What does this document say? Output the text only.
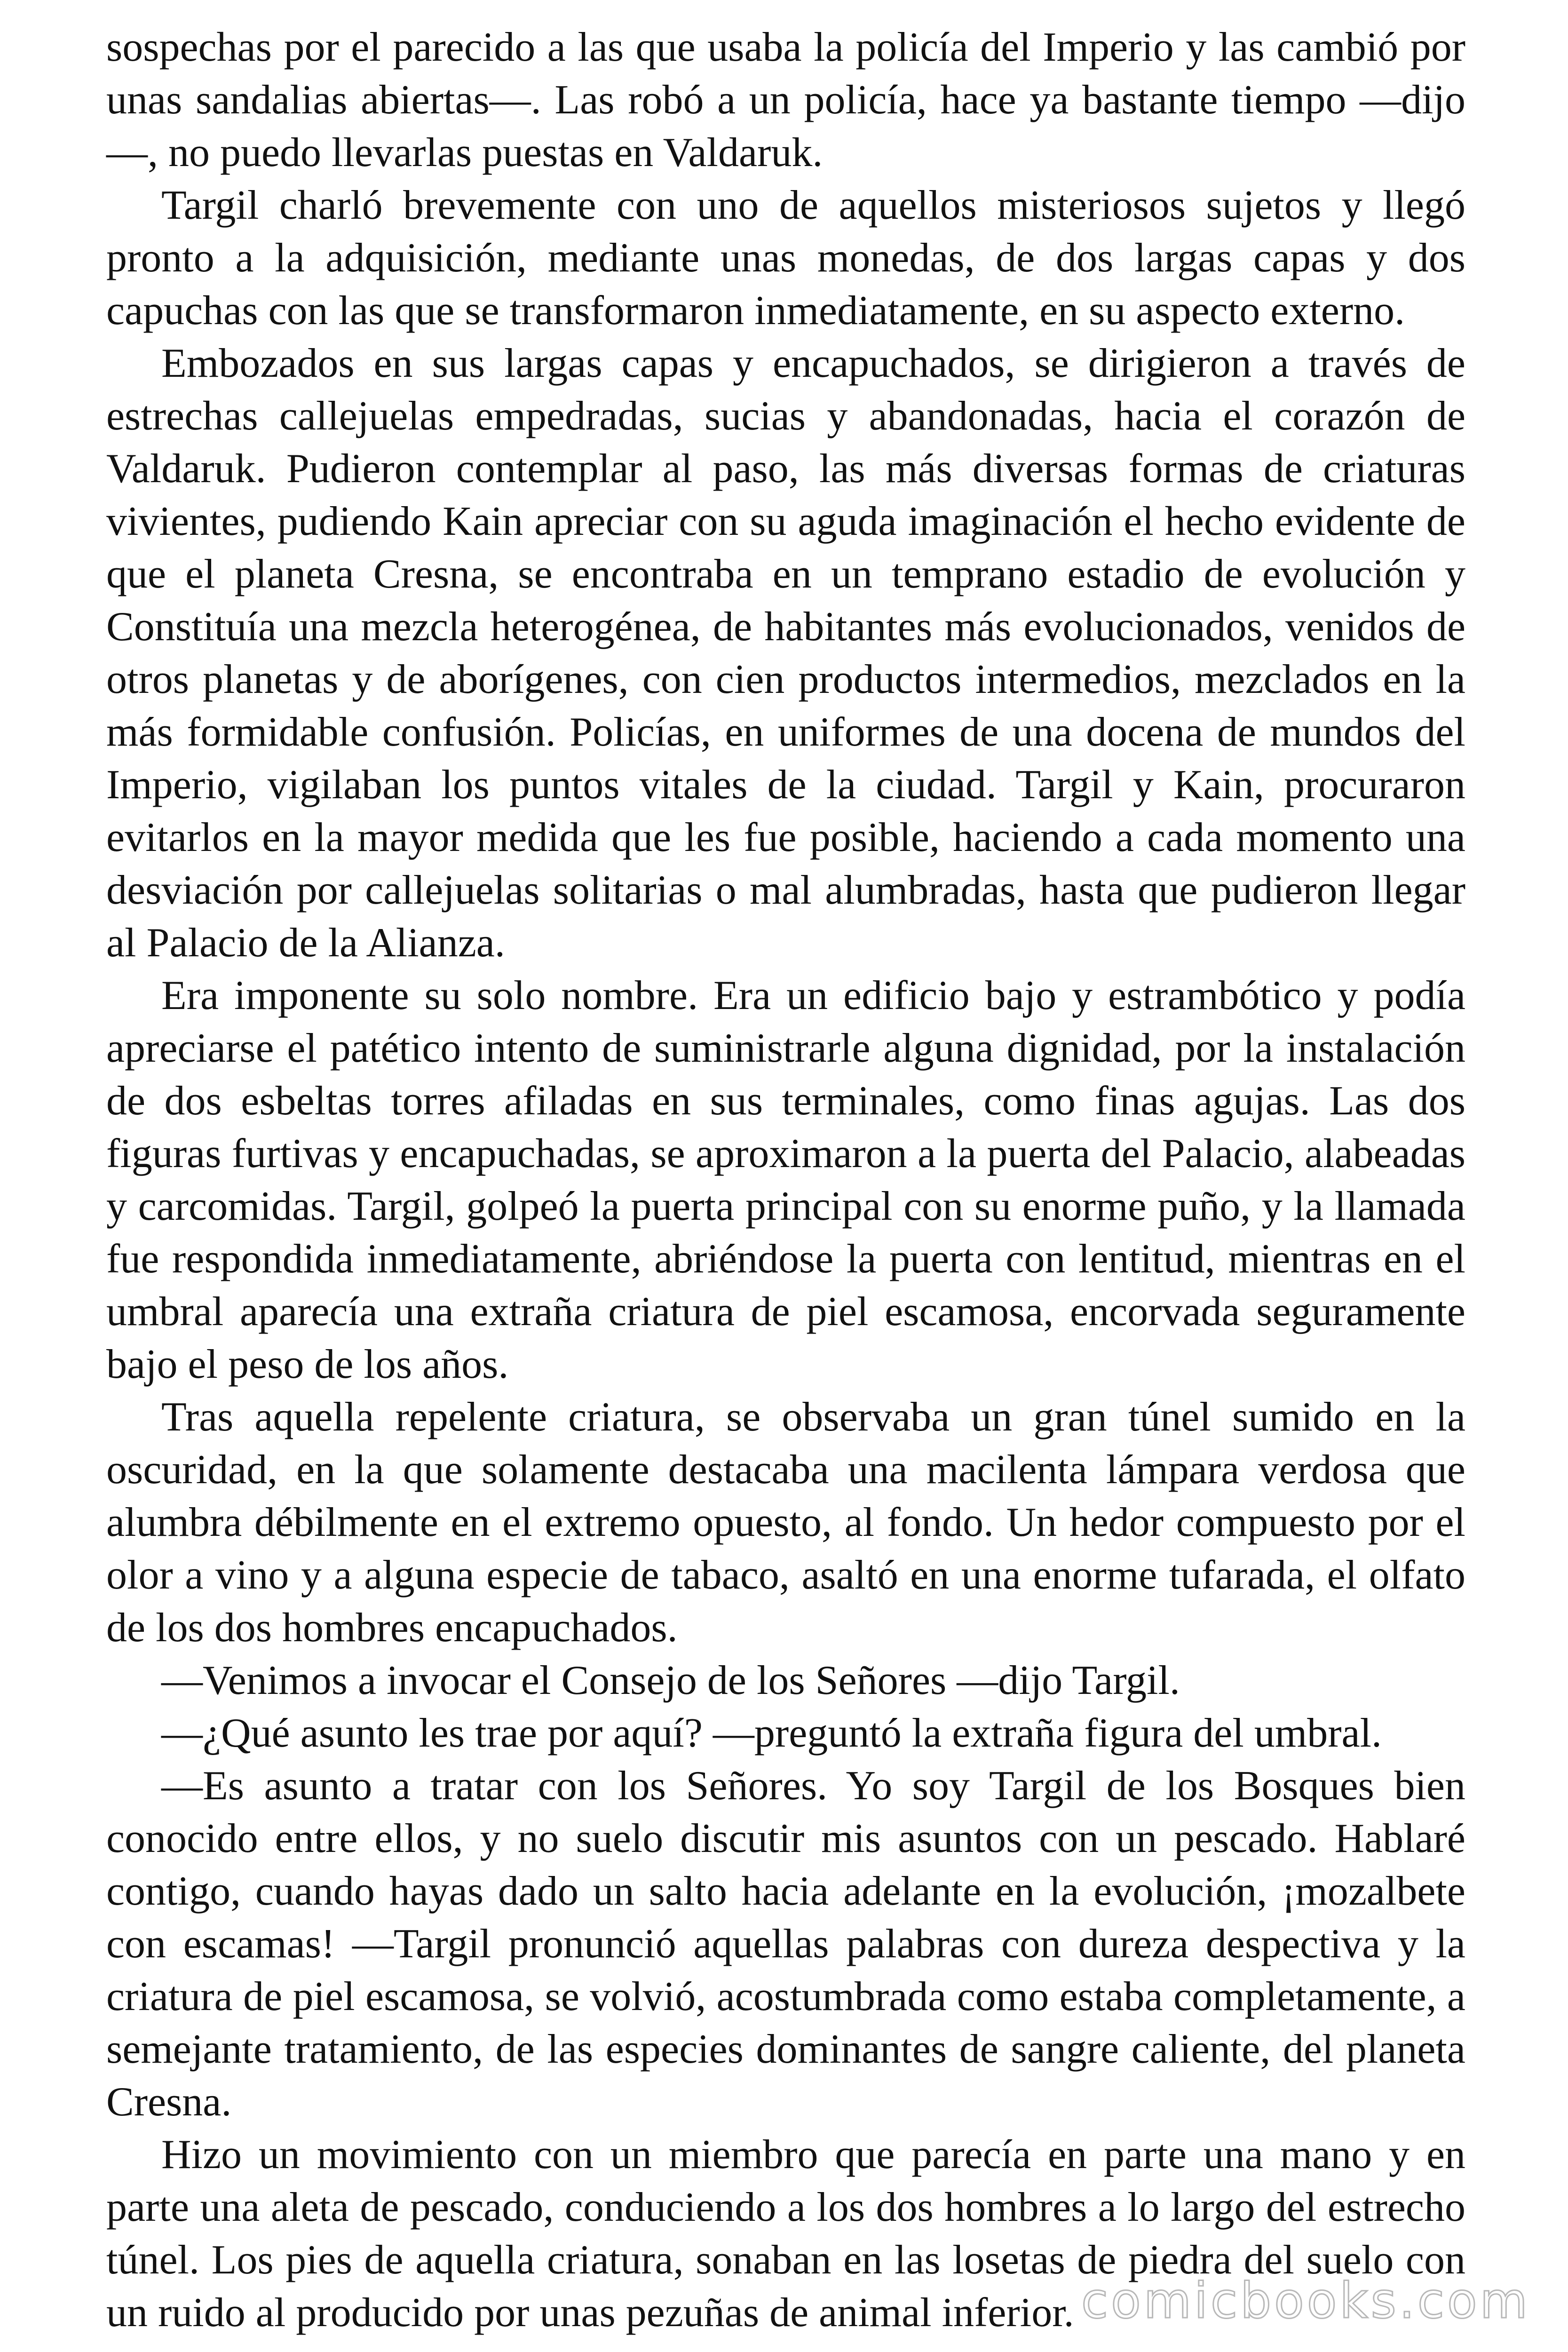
sospechas por el parecido a las que usaba la policía del Imperio y las cambió por unas sandalias abiertas—. Las robó a un policía, hace ya bastante tiempo —dijo—, no puedo llevarlas puestas en Valdaruk.

Targil charló brevemente con uno de aquellos misteriosos sujetos y llegó pronto a la adquisición, mediante unas monedas, de dos largas capas y dos capuchas con las que se transformaron inmediatamente, en su aspecto externo.

Embozados en sus largas capas y encapuchados, se dirigieron a través de estrechas callejuelas empedradas, sucias y abandonadas, hacia el corazón de Valdaruk. Pudieron contemplar al paso, las más diversas formas de criaturas vivientes, pudiendo Kain apreciar con su aguda imaginación el hecho evidente de que el planeta Cresna, se encontraba en un temprano estadio de evolución y Constituía una mezcla heterogénea, de habitantes más evolucionados, venidos de otros planetas y de aborígenes, con cien productos intermedios, mezclados en la más formidable confusión. Policías, en uniformes de una docena de mundos del Imperio, vigilaban los puntos vitales de la ciudad. Targil y Kain, procuraron evitarlos en la mayor medida que les fue posible, haciendo a cada momento una desviación por callejuelas solitarias o mal alumbradas, hasta que pudieron llegar al Palacio de la Alianza.

Era imponente su solo nombre. Era un edificio bajo y estrambótico y podía apreciarse el patético intento de suministrarle alguna dignidad, por la instalación de dos esbeltas torres afiladas en sus terminales, como finas agujas. Las dos figuras furtivas y encapuchadas, se aproximaron a la puerta del Palacio, alabeadas y carcomidas. Targil, golpeó la puerta principal con su enorme puño, y la llamada fue respondida inmediatamente, abriéndose la puerta con lentitud, mientras en el umbral aparecía una extraña criatura de piel escamosa, encorvada seguramente bajo el peso de los años.

Tras aquella repelente criatura, se observaba un gran túnel sumido en la oscuridad, en la que solamente destacaba una macilenta lámpara verdosa que alumbra débilmente en el extremo opuesto, al fondo. Un hedor compuesto por el olor a vino y a alguna especie de tabaco, asaltó en una enorme tufarada, el olfato de los dos hombres encapuchados.

—Venimos a invocar el Consejo de los Señores —dijo Targil.

—¿Qué asunto les trae por aquí? —preguntó la extraña figura del umbral.

—Es asunto a tratar con los Señores. Yo soy Targil de los Bosques bien conocido entre ellos, y no suelo discutir mis asuntos con un pescado. Hablaré contigo, cuando hayas dado un salto hacia adelante en la evolución, ¡mozalbete con escamas! —Targil pronunció aquellas palabras con dureza despectiva y la criatura de piel escamosa, se volvió, acostumbrada como estaba completamente, a semejante tratamiento, de las especies dominantes de sangre caliente, del planeta Cresna.

Hizo un movimiento con un miembro que parecía en parte una mano y en parte una aleta de pescado, conduciendo a los dos hombres a lo largo del estrecho túnel. Los pies de aquella criatura, sonaban en las losetas de piedra del suelo con un ruido al producido por unas pezuñas de animal inferior. comicbooks.com
